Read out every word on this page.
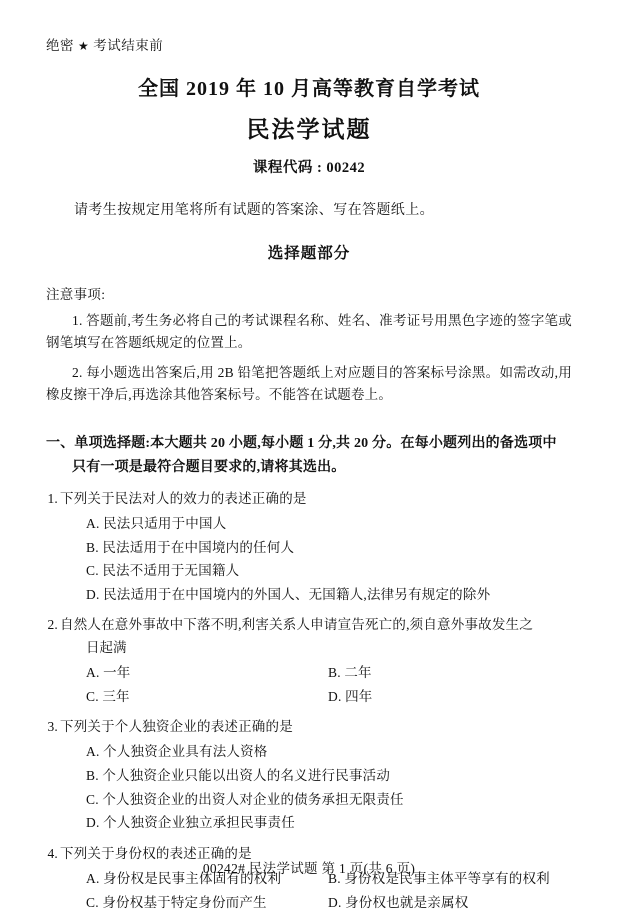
绝密 ★ 考试结束前
全国 2019 年 10 月高等教育自学考试
民法学试题
课程代码 : 00242
请考生按规定用笔将所有试题的答案涂、写在答题纸上。
选择题部分
注意事项:
1. 答题前,考生务必将自己的考试课程名称、姓名、准考证号用黑色字迹的签字笔或钢笔填写在答题纸规定的位置上。
2. 每小题选出答案后,用 2B 铅笔把答题纸上对应题目的答案标号涂黑。如需改动,用橡皮擦干净后,再选涂其他答案标号。不能答在试题卷上。
一、单项选择题:本大题共 20 小题,每小题 1 分,共 20 分。在每小题列出的备选项中
只有一项是最符合题目要求的,请将其选出。
1. 下列关于民法对人的效力的表述正确的是
A. 民法只适用于中国人
B. 民法适用于在中国境内的任何人
C. 民法不适用于无国籍人
D. 民法适用于在中国境内的外国人、无国籍人,法律另有规定的除外
2. 自然人在意外事故中下落不明,利害关系人申请宣告死亡的,须自意外事故发生之
日起满
A. 一年	B. 二年
C. 三年	D. 四年
3. 下列关于个人独资企业的表述正确的是
A. 个人独资企业具有法人资格
B. 个人独资企业只能以出资人的名义进行民事活动
C. 个人独资企业的出资人对企业的债务承担无限责任
D. 个人独资企业独立承担民事责任
4. 下列关于身份权的表述正确的是
A. 身份权是民事主体固有的权利	B. 身份权是民事主体平等享有的权利
C. 身份权基于特定身份而产生	D. 身份权也就是亲属权
00242# 民法学试题 第 1 页(共 6 页)
